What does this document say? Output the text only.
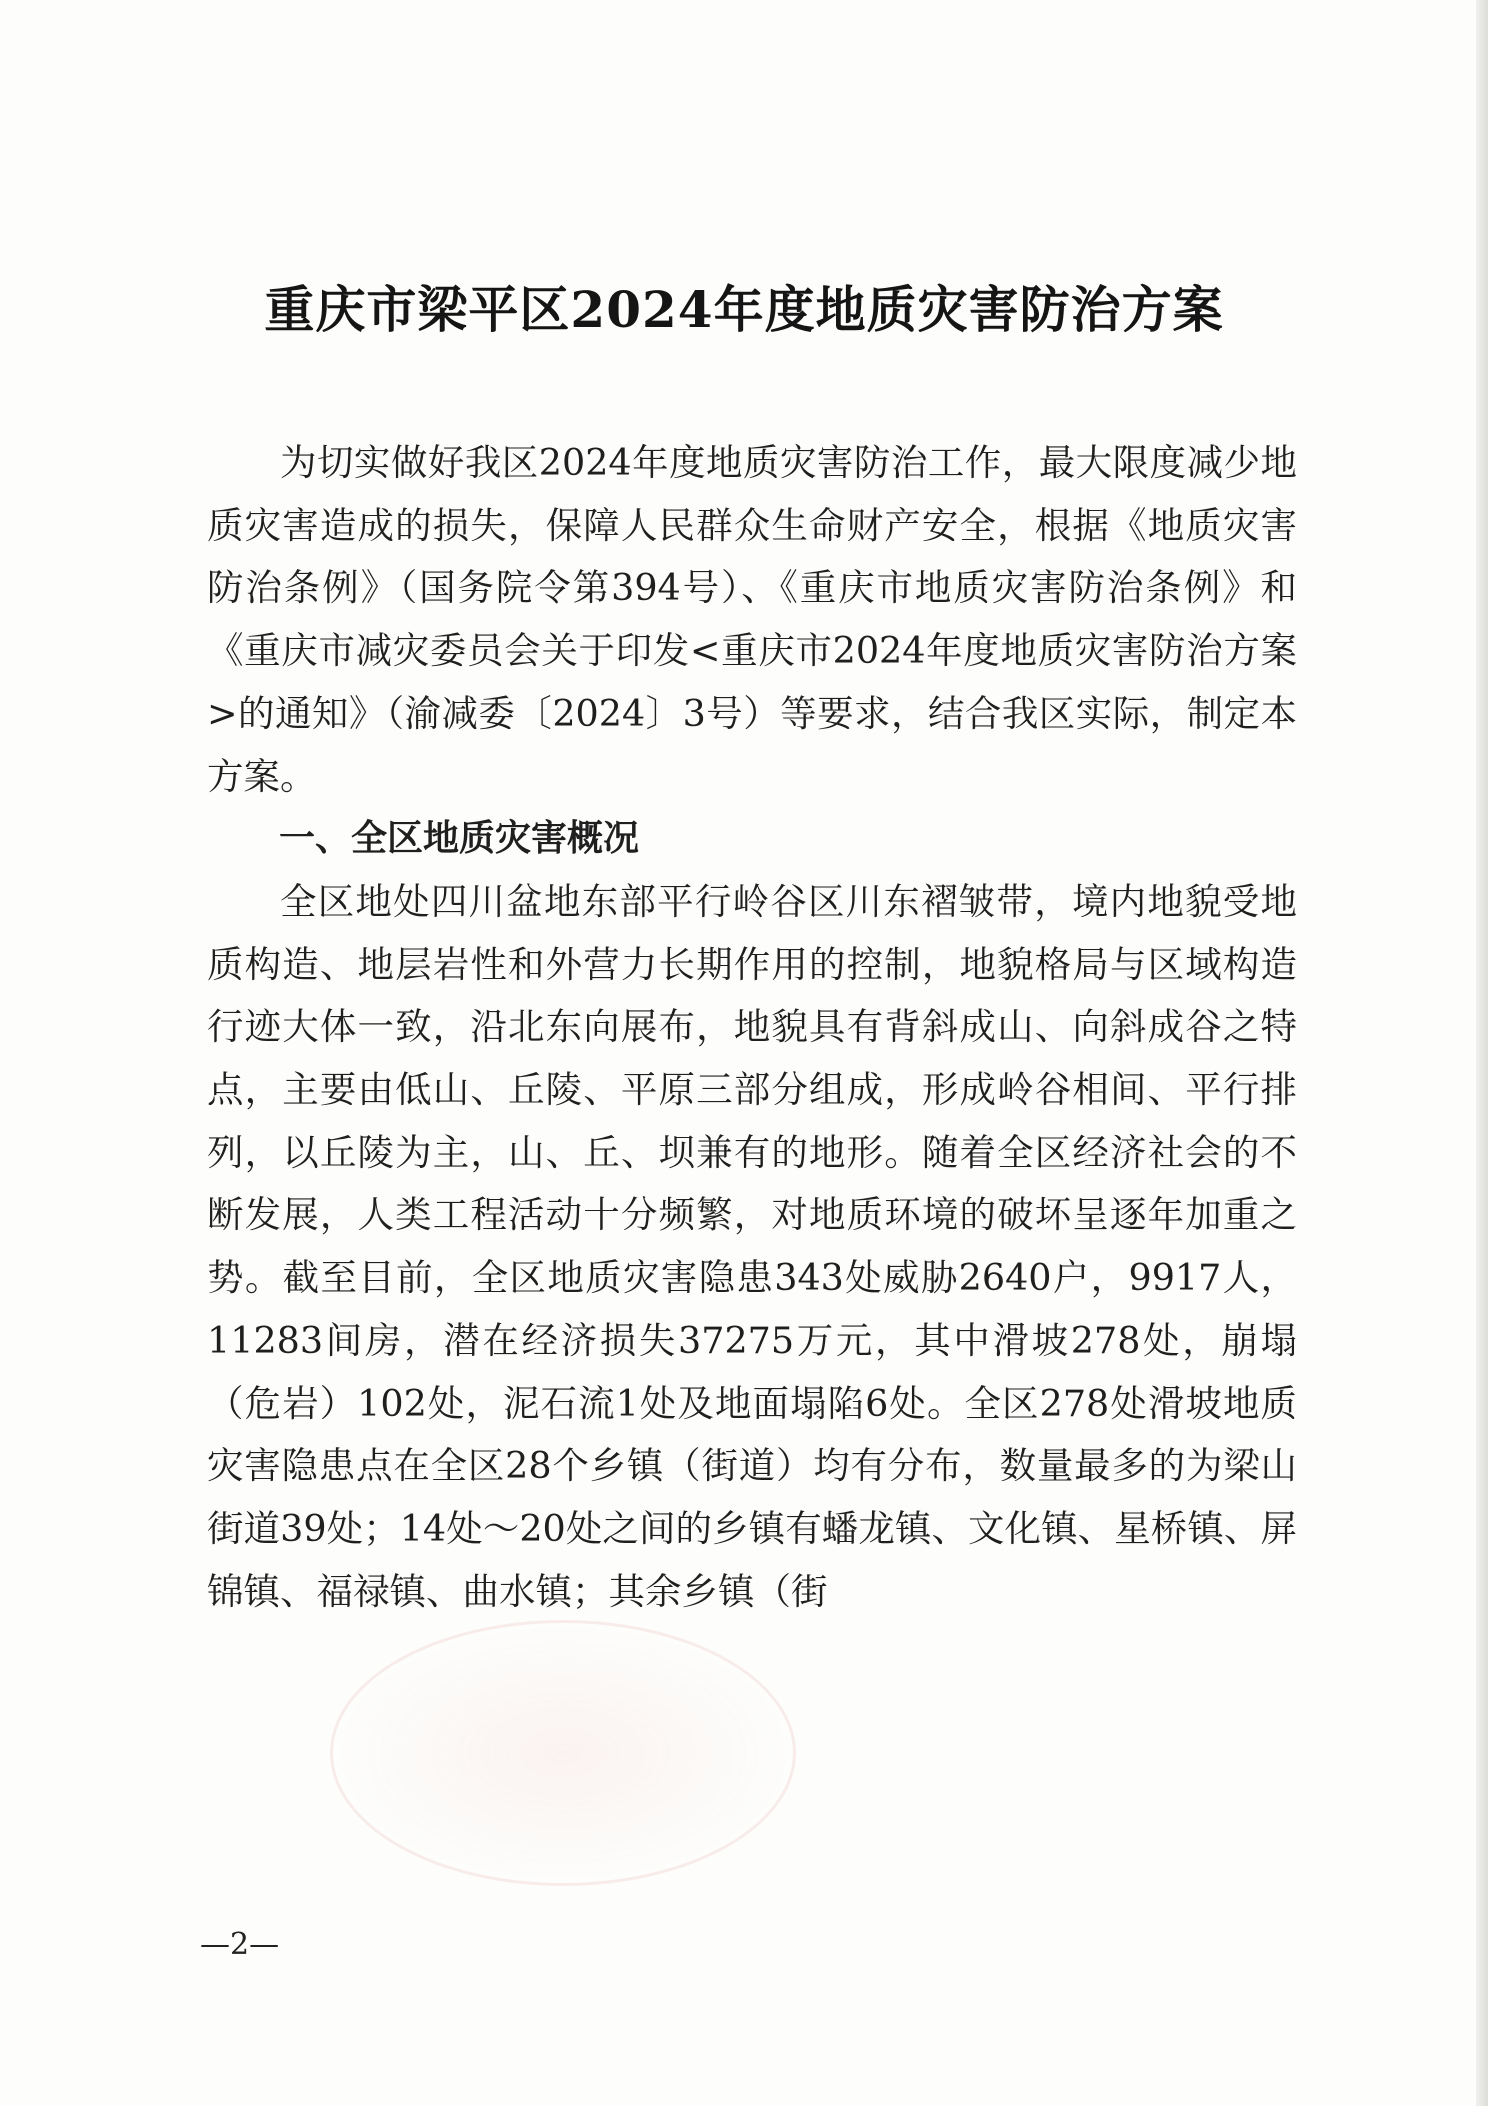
重庆市梁平区2024年度地质灾害防治方案

为切实做好我区2024年度地质灾害防治工作，最大限度减少地质灾害造成的损失，保障人民群众生命财产安全，根据《地质灾害防治条例》（国务院令第394号）、《重庆市地质灾害防治条例》和《重庆市减灾委员会关于印发<重庆市2024年度地质灾害防治方案>的通知》（渝减委〔2024〕3号）等要求，结合我区实际，制定本方案。

一、全区地质灾害概况

全区地处四川盆地东部平行岭谷区川东褶皱带，境内地貌受地质构造、地层岩性和外营力长期作用的控制，地貌格局与区域构造行迹大体一致，沿北东向展布，地貌具有背斜成山、向斜成谷之特点，主要由低山、丘陵、平原三部分组成，形成岭谷相间、平行排列，以丘陵为主，山、丘、坝兼有的地形。随着全区经济社会的不断发展，人类工程活动十分频繁，对地质环境的破坏呈逐年加重之势。截至目前，全区地质灾害隐患343处威胁2640户，9917人，11283间房，潜在经济损失37275万元，其中滑坡278处，崩塌（危岩）102处，泥石流1处及地面塌陷6处。全区278处滑坡地质灾害隐患点在全区28个乡镇（街道）均有分布，数量最多的为梁山街道39处；14处～20处之间的乡镇有蟠龙镇、文化镇、星桥镇、屏锦镇、福禄镇、曲水镇；其余乡镇（街

—2—
